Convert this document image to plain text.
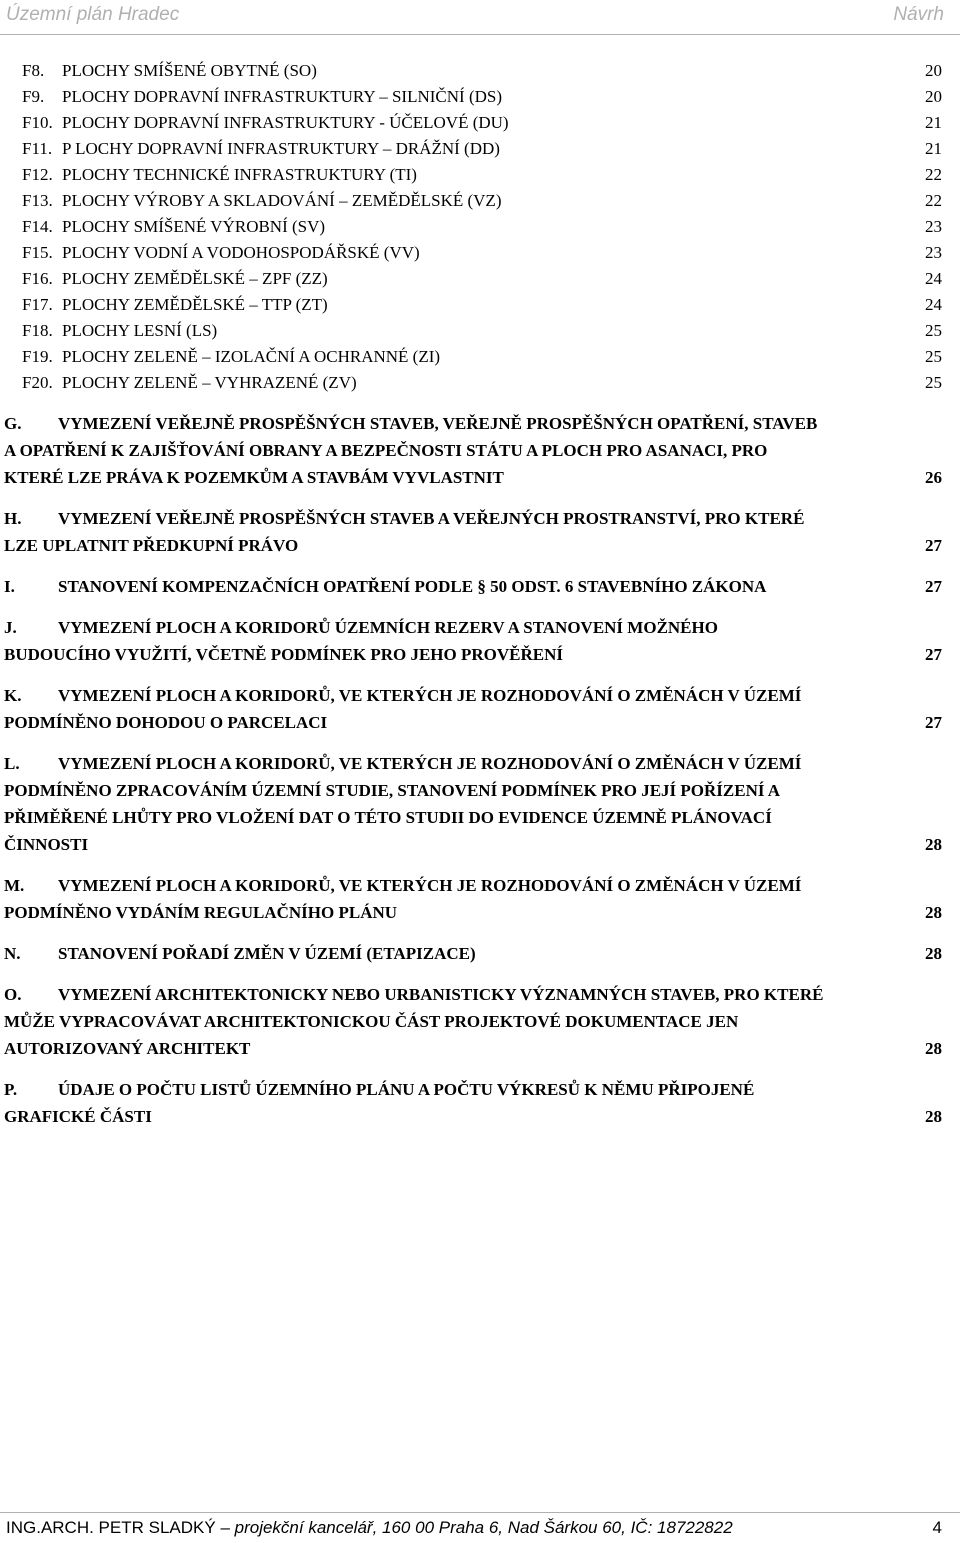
Územní plán Hradec	Návrh
F8. PLOCHY SMÍŠENÉ OBYTNÉ (SO)	20
F9. PLOCHY DOPRAVNÍ INFRASTRUKTURY – SILNIČNÍ (DS)	20
F10. PLOCHY DOPRAVNÍ INFRASTRUKTURY - ÚČELOVÉ (DU)	21
F11. P LOCHY DOPRAVNÍ INFRASTRUKTURY – DRÁŽNÍ (DD)	21
F12. PLOCHY TECHNICKÉ INFRASTRUKTURY (TI)	22
F13. PLOCHY VÝROBY A SKLADOVÁNÍ – ZEMĚDĚLSKÉ (VZ)	22
F14. PLOCHY SMÍŠENÉ VÝROBNÍ (SV)	23
F15. PLOCHY VODNÍ A VODOHOSPODÁŘSKÉ (VV)	23
F16. PLOCHY ZEMĚDĚLSKÉ – ZPF (ZZ)	24
F17. PLOCHY ZEMĚDĚLSKÉ – TTP (ZT)	24
F18. PLOCHY LESNÍ (LS)	25
F19. PLOCHY ZELENĚ – IZOLAČNÍ A OCHRANNÉ (ZI)	25
F20. PLOCHY ZELENĚ – VYHRAZENÉ (ZV)	25
G. VYMEZENÍ VEŘEJNĚ PROSPĚŠNÝCH STAVEB, VEŘEJNĚ PROSPĚŠNÝCH OPATŘENÍ, STAVEB
A OPATŘENÍ K ZAJIŠŤOVÁNÍ OBRANY A BEZPEČNOSTI STÁTU A PLOCH PRO ASANACI, PRO
KTERÉ LZE PRÁVA K POZEMKŮM A STAVBÁM VYVLASTNIT	26
H. VYMEZENÍ VEŘEJNĚ PROSPĚŠNÝCH STAVEB A VEŘEJNÝCH PROSTRANSTVÍ, PRO KTERÉ
LZE UPLATNIT PŘEDKUPNÍ PRÁVO	27
I.	STANOVENÍ KOMPENZAČNÍCH OPATŘENÍ PODLE § 50 ODST. 6 STAVEBNÍHO ZÁKONA	27
J. VYMEZENÍ PLOCH A KORIDORŮ ÚZEMNÍCH REZERV A STANOVENÍ MOŽNÉHO
BUDOUCÍHO VYUŽITÍ, VČETNĚ PODMÍNEK PRO JEHO PROVĚŘENÍ	27
K. VYMEZENÍ PLOCH A KORIDORŮ, VE KTERÝCH JE ROZHODOVÁNÍ O ZMĚNÁCH V ÚZEMÍ
PODMÍNĚNO DOHODOU O PARCELACI	27
L. VYMEZENÍ PLOCH A KORIDORŮ, VE KTERÝCH JE ROZHODOVÁNÍ O ZMĚNÁCH V ÚZEMÍ
PODMÍNĚNO ZPRACOVÁNÍM ÚZEMNÍ STUDIE, STANOVENÍ PODMÍNEK PRO JEJÍ POŘÍZENÍ A
PŘIMĚŘENÉ LHŮTY PRO VLOŽENÍ DAT O TÉTO STUDII DO EVIDENCE ÚZEMNĚ PLÁNOVACÍ
ČINNOSTI	28
M. VYMEZENÍ PLOCH A KORIDORŮ, VE KTERÝCH JE ROZHODOVÁNÍ O ZMĚNÁCH V ÚZEMÍ
PODMÍNĚNO VYDÁNÍM REGULAČNÍHO PLÁNU	28
N. STANOVENÍ POŘADÍ ZMĚN V ÚZEMÍ (ETAPIZACE)	28
O. VYMEZENÍ ARCHITEKTONICKY NEBO URBANISTICKY VÝZNAMNÝCH STAVEB, PRO KTERÉ
MŮŽE VYPRACOVÁVAT ARCHITEKTONICKOU ČÁST PROJEKTOVÉ DOKUMENTACE JEN
AUTORIZOVANÝ ARCHITEKT	28
P. ÚDAJE O POČTU LISTŮ ÚZEMNÍHO PLÁNU A POČTU VÝKRESŮ K NĚMU PŘIPOJENÉ
GRAFICKÉ ČÁSTI	28
ING.ARCH. PETR SLADKÝ – projekční kancelář, 160 00 Praha 6, Nad Šárkou 60, IČ: 18722822	4
